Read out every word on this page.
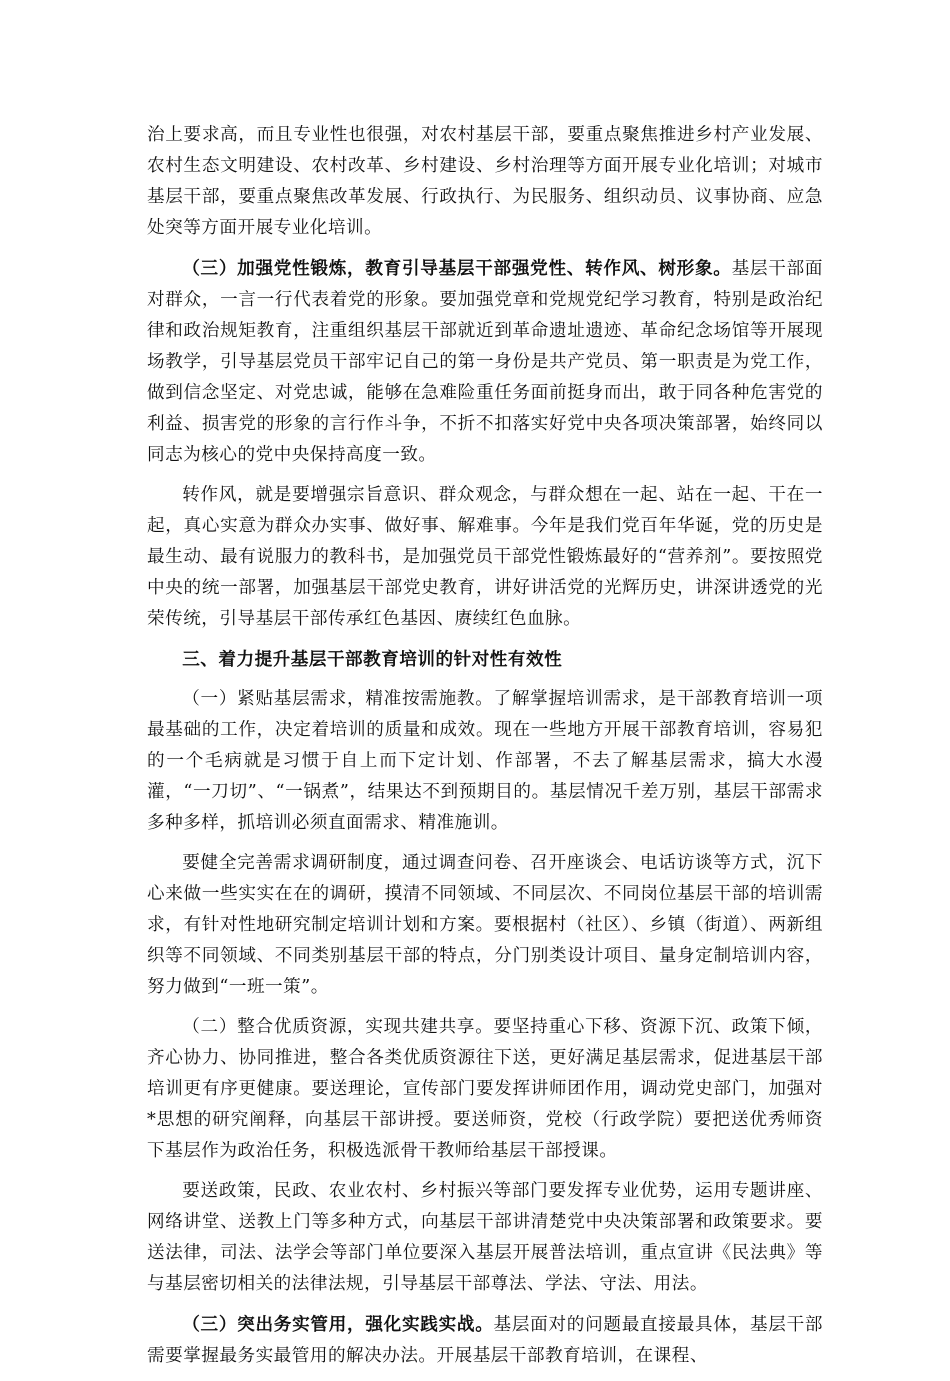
治上要求高，而且专业性也很强，对农村基层干部，要重点聚焦推进乡村产业发展、农村生态文明建设、农村改革、乡村建设、乡村治理等方面开展专业化培训；对城市基层干部，要重点聚焦改革发展、行政执行、为民服务、组织动员、议事协商、应急处突等方面开展专业化培训。

（三）加强党性锻炼，教育引导基层干部强党性、转作风、树形象。基层干部面对群众，一言一行代表着党的形象。要加强党章和党规党纪学习教育，特别是政治纪律和政治规矩教育，注重组织基层干部就近到革命遗址遗迹、革命纪念场馆等开展现场教学，引导基层党员干部牢记自己的第一身份是共产党员、第一职责是为党工作，做到信念坚定、对党忠诚，能够在急难险重任务面前挺身而出，敢于同各种危害党的利益、损害党的形象的言行作斗争，不折不扣落实好党中央各项决策部署，始终同以同志为核心的党中央保持高度一致。

转作风，就是要增强宗旨意识、群众观念，与群众想在一起、站在一起、干在一起，真心实意为群众办实事、做好事、解难事。今年是我们党百年华诞，党的历史是最生动、最有说服力的教科书，是加强党员干部党性锻炼最好的“营养剂”。要按照党中央的统一部署，加强基层干部党史教育，讲好讲活党的光辉历史，讲深讲透党的光荣传统，引导基层干部传承红色基因、赓续红色血脉。

三、着力提升基层干部教育培训的针对性有效性

（一）紧贴基层需求，精准按需施教。了解掌握培训需求，是干部教育培训一项最基础的工作，决定着培训的质量和成效。现在一些地方开展干部教育培训，容易犯的一个毛病就是习惯于自上而下定计划、作部署，不去了解基层需求，搞大水漫灌，“一刀切”、“一锅煮”，结果达不到预期目的。基层情况千差万别，基层干部需求多种多样，抓培训必须直面需求、精准施训。

要健全完善需求调研制度，通过调查问卷、召开座谈会、电话访谈等方式，沉下心来做一些实实在在的调研，摸清不同领域、不同层次、不同岗位基层干部的培训需求，有针对性地研究制定培训计划和方案。要根据村（社区）、乡镇（街道）、两新组织等不同领域、不同类别基层干部的特点，分门别类设计项目、量身定制培训内容，努力做到“一班一策”。

（二）整合优质资源，实现共建共享。要坚持重心下移、资源下沉、政策下倾，齐心协力、协同推进，整合各类优质资源往下送，更好满足基层需求，促进基层干部培训更有序更健康。要送理论，宣传部门要发挥讲师团作用，调动党史部门，加强对*思想的研究阐释，向基层干部讲授。要送师资，党校（行政学院）要把送优秀师资下基层作为政治任务，积极选派骨干教师给基层干部授课。

要送政策，民政、农业农村、乡村振兴等部门要发挥专业优势，运用专题讲座、网络讲堂、送教上门等多种方式，向基层干部讲清楚党中央决策部署和政策要求。要送法律，司法、法学会等部门单位要深入基层开展普法培训，重点宣讲《民法典》等与基层密切相关的法律法规，引导基层干部尊法、学法、守法、用法。

（三）突出务实管用，强化实践实战。基层面对的问题最直接最具体，基层干部需要掌握最务实最管用的解决办法。开展基层干部教育培训，在课程、
